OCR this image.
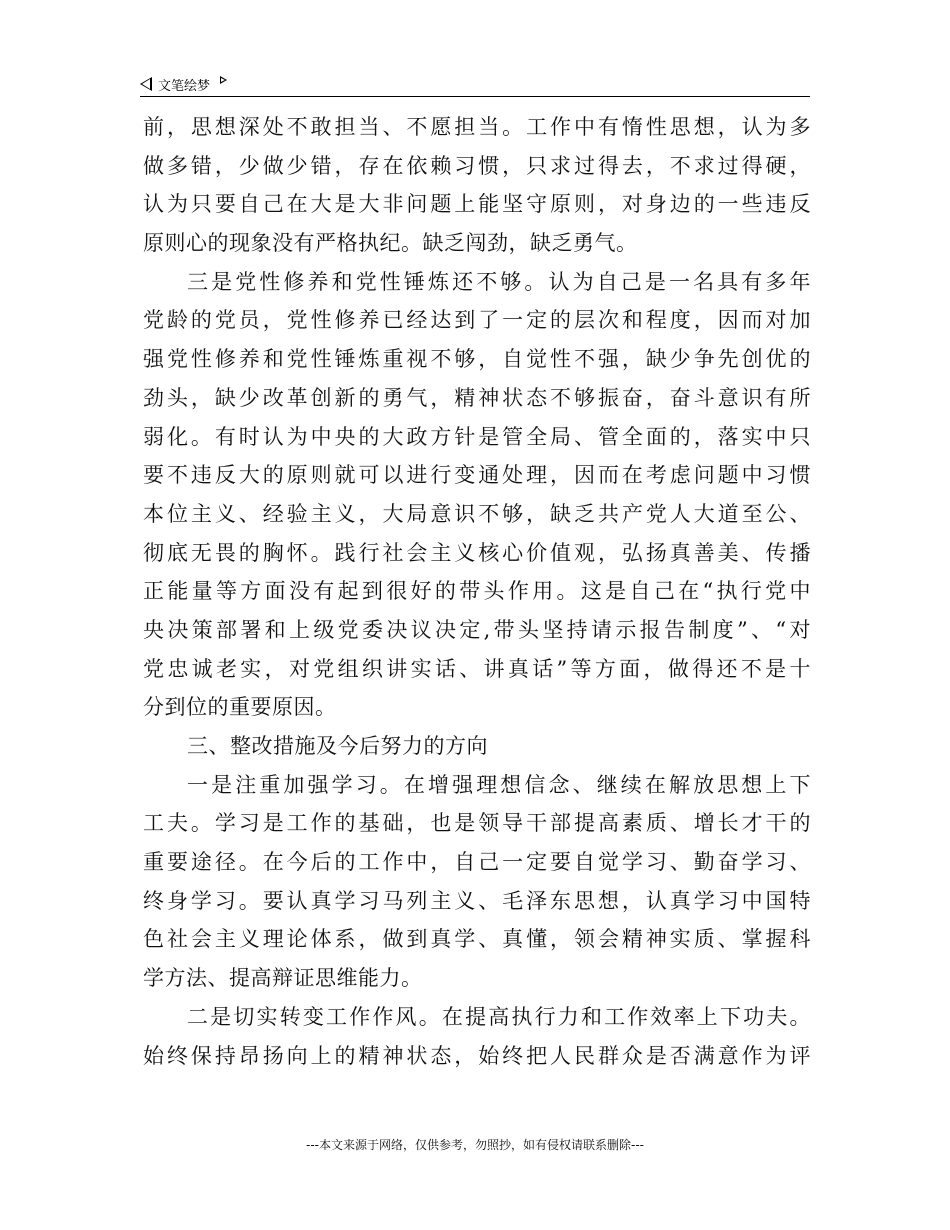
文笔绘梦
前，思想深处不敢担当、不愿担当。工作中有惰性思想，认为多
做多错，少做少错，存在依赖习惯，只求过得去，不求过得硬，
认为只要自己在大是大非问题上能坚守原则，对身边的一些违反
原则心的现象没有严格执纪。缺乏闯劲，缺乏勇气。
三是党性修养和党性锤炼还不够。认为自己是一名具有多年
党龄的党员，党性修养已经达到了一定的层次和程度，因而对加
强党性修养和党性锤炼重视不够，自觉性不强，缺少争先创优的
劲头，缺少改革创新的勇气，精神状态不够振奋，奋斗意识有所
弱化。有时认为中央的大政方针是管全局、管全面的，落实中只
要不违反大的原则就可以进行变通处理，因而在考虑问题中习惯
本位主义、经验主义，大局意识不够，缺乏共产党人大道至公、
彻底无畏的胸怀。践行社会主义核心价值观，弘扬真善美、传播
正能量等方面没有起到很好的带头作用。这是自己在“执行党中
央决策部署和上级党委决议决定,带头坚持请示报告制度”、“对
党忠诚老实，对党组织讲实话、讲真话”等方面，做得还不是十
分到位的重要原因。
三、整改措施及今后努力的方向
一是注重加强学习。在增强理想信念、继续在解放思想上下
工夫。学习是工作的基础，也是领导干部提高素质、增长才干的
重要途径。在今后的工作中，自己一定要自觉学习、勤奋学习、
终身学习。要认真学习马列主义、毛泽东思想，认真学习中国特
色社会主义理论体系，做到真学、真懂，领会精神实质、掌握科
学方法、提高辩证思维能力。
二是切实转变工作作风。在提高执行力和工作效率上下功夫。
始终保持昂扬向上的精神状态，始终把人民群众是否满意作为评
---本文来源于网络，仅供参考，勿照抄，如有侵权请联系删除---
